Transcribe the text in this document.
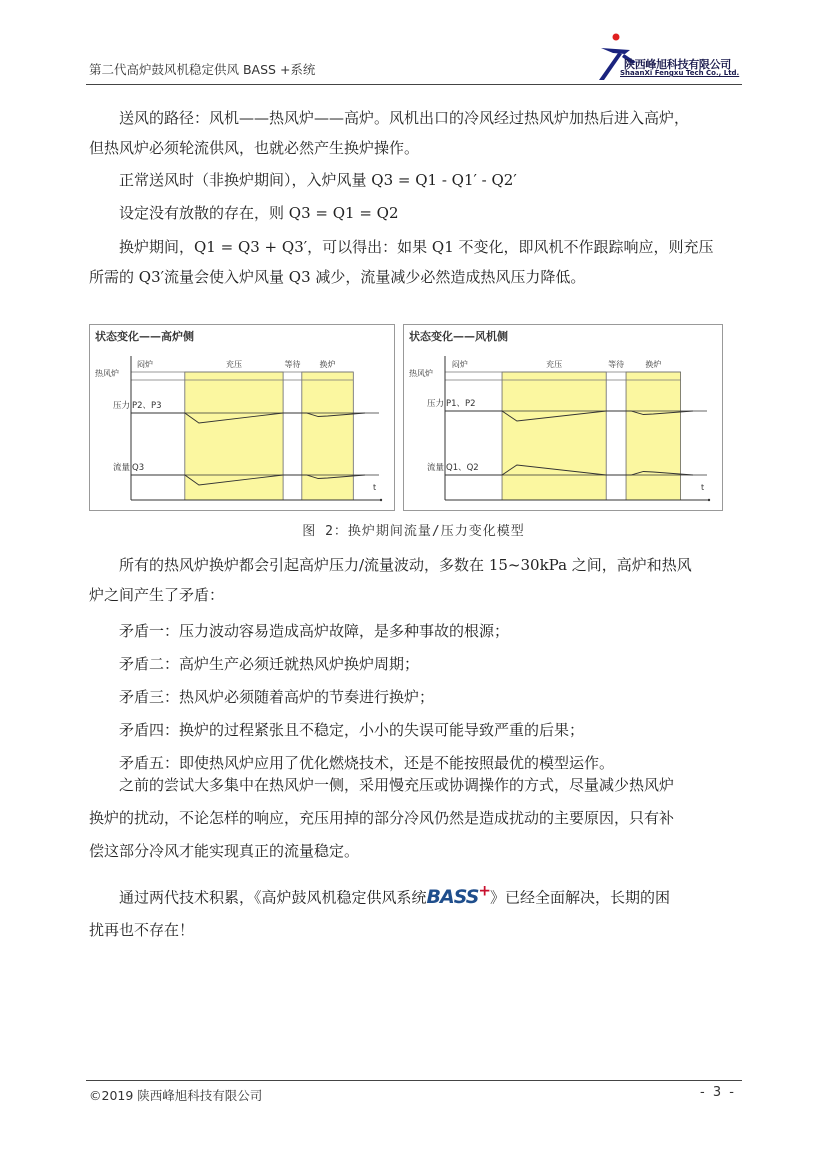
第二代高炉鼓风机稳定供风 BASS +系统	陕西峰旭科技有限公司
ShaanXi Fengxu Tech Co., Ltd.
送风的路径：风机——热风炉——高炉。风机出口的冷风经过热风炉加热后进入高炉，
但热风炉必须轮流供风，也就必然产生换炉操作。
正常送风时（非换炉期间），入炉风量 Q3 = Q1 - Q1′ - Q2′
设定没有放散的存在，则 Q3 = Q1 = Q2
换炉期间，Q1 = Q3 + Q3′，可以得出：如果 Q1 不变化，即风机不作跟踪响应，则充压
所需的 Q3′流量会使入炉风量 Q3 减少，流量减少必然造成热风压力降低。
状态变化——高炉侧
闷炉	充压	等待 换炉
热风炉
t
压力 P2、P3
流量 Q3
状态变化——风机侧
闷炉	充压	等待	换炉
热风炉
t
压力 P1、P2
流量 Q1、Q2
图 2：换炉期间流量/压力变化模型
所有的热风炉换炉都会引起高炉压力/流量波动，多数在 15~30kPa 之间，高炉和热风
炉之间产生了矛盾：
矛盾一：压力波动容易造成高炉故障，是多种事故的根源；
矛盾二：高炉生产必须迁就热风炉换炉周期；
矛盾三：热风炉必须随着高炉的节奏进行换炉；
矛盾四：换炉的过程紧张且不稳定，小小的失误可能导致严重的后果；
矛盾五：即使热风炉应用了优化燃烧技术，还是不能按照最优的模型运作。
之前的尝试大多集中在热风炉一侧，采用慢充压或协调操作的方式，尽量减少热风炉
换炉的扰动，不论怎样的响应，充压用掉的部分冷风仍然是造成扰动的主要原因，只有补
偿这部分冷风才能实现真正的流量稳定。
通过两代技术积累，《高炉鼓风机稳定供风系统BASS+》已经全面解决，长期的困
扰再也不存在！
©2019 陕西峰旭科技有限公司	- 3 -
